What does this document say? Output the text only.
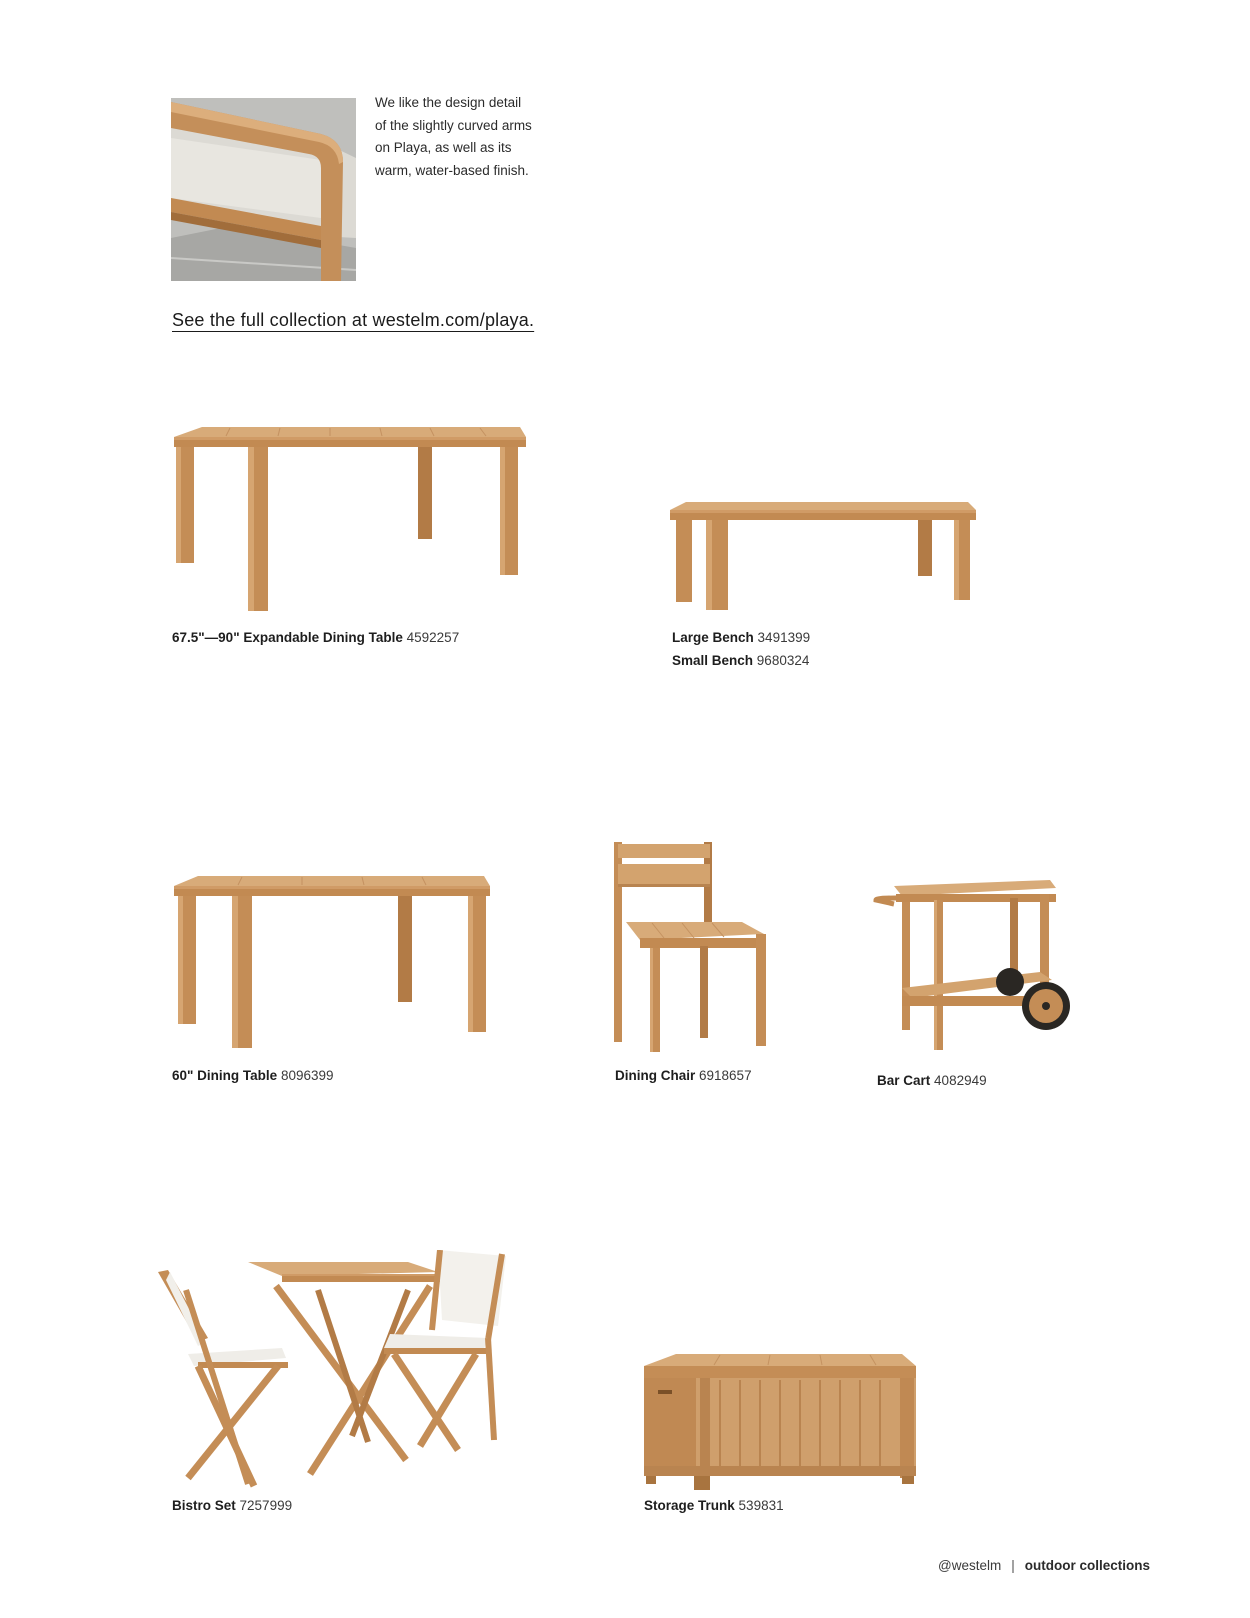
We like the design detail
of the slightly curved arms
on Playa, as well as its
warm, water-based finish.
See the full collection at westelm.com/playa.
67.5"—90" Expandable Dining Table 4592257	Large Bench 3491399
Small Bench 9680324
60" Dining Table 8096399	Dining Chair 6918657	Bar Cart 4082949
Bistro Set 7257999	Storage Trunk 539831
@westelm | outdoor collections
